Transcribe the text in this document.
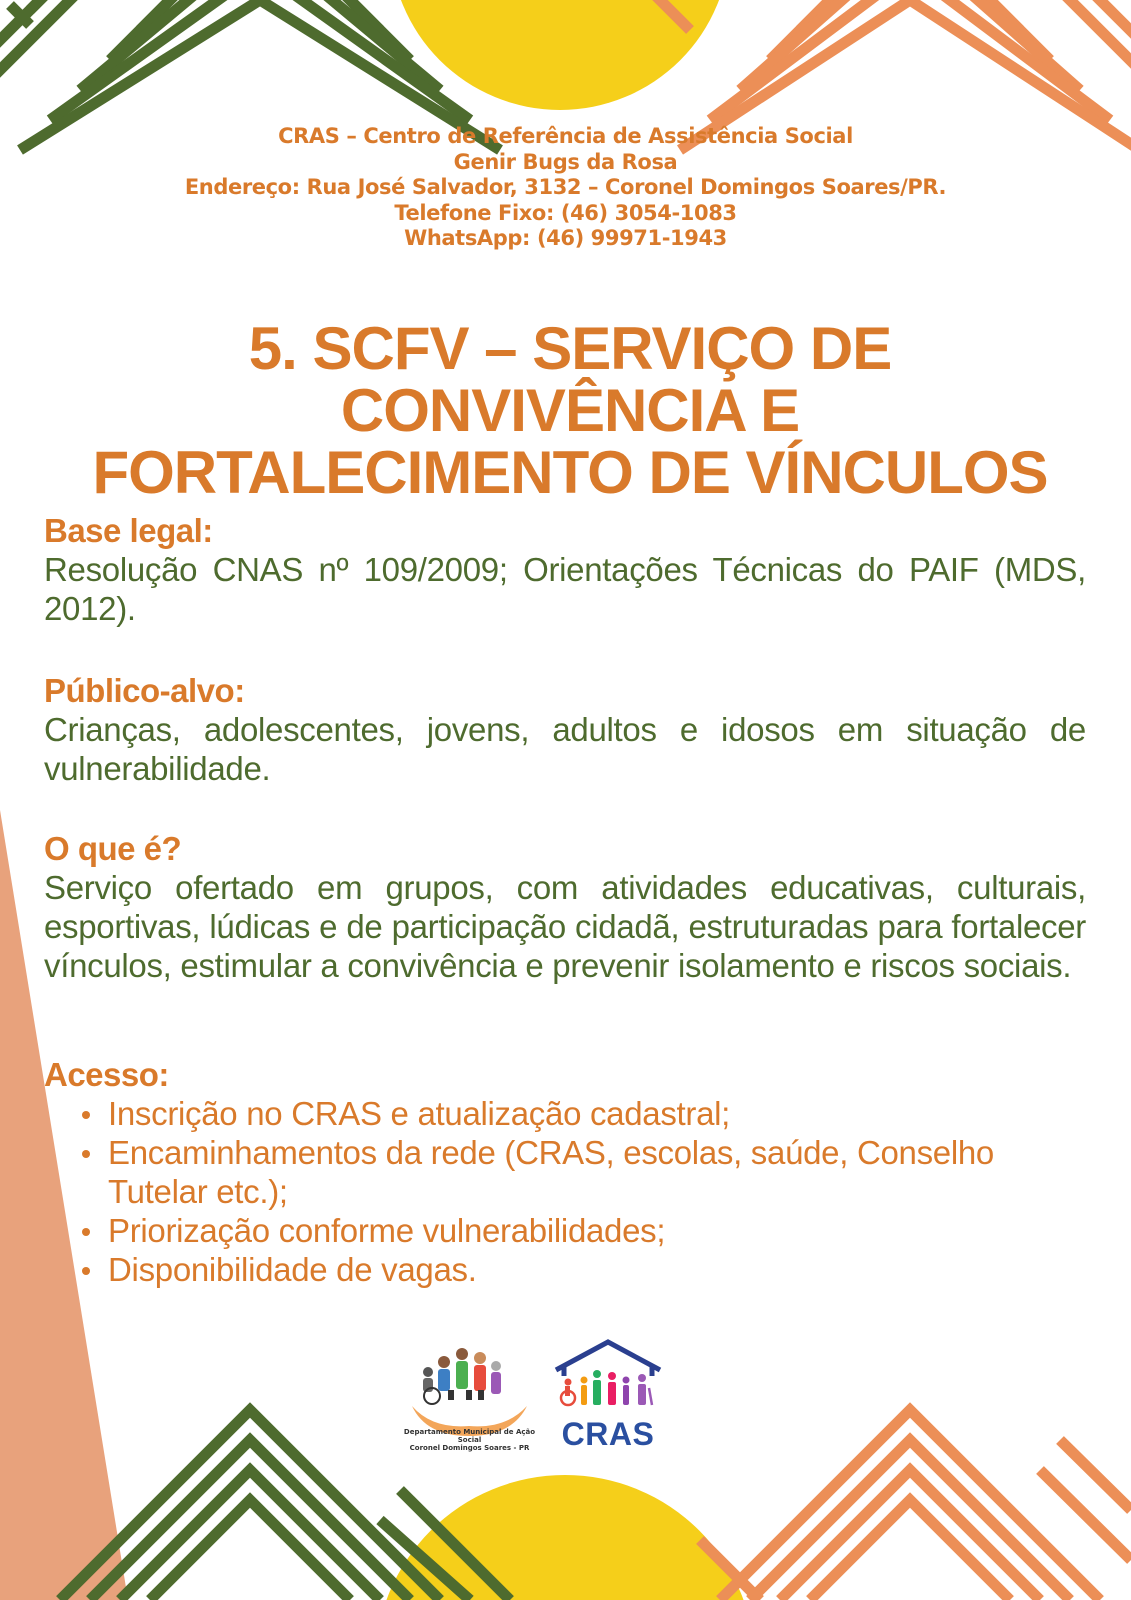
CRAS – Centro de Referência de Assistência Social
Genir Bugs da Rosa
Endereço: Rua José Salvador, 3132 – Coronel Domingos Soares/PR.
Telefone Fixo: (46) 3054-1083
WhatsApp: (46) 99971-1943
5. SCFV – SERVIÇO DE CONVIVÊNCIA E
FORTALECIMENTO DE VÍNCULOS
Base legal:
Resolução CNAS nº 109/2009; Orientações Técnicas do PAIF (MDS, 2012).
Público-alvo:
Crianças, adolescentes, jovens, adultos e idosos em situação de vulnerabilidade.
O que é?
Serviço ofertado em grupos, com atividades educativas, culturais, esportivas, lúdicas e de participação cidadã, estruturadas para fortalecer vínculos, estimular a convivência e prevenir isolamento e riscos sociais.
Acesso:
Inscrição no CRAS e atualização cadastral;
Encaminhamentos da rede (CRAS, escolas, saúde, Conselho Tutelar etc.);
Priorização conforme vulnerabilidades;
Disponibilidade de vagas.
Departamento Municipal de Ação Social
Coronel Domingos Soares - PR	CRAS
